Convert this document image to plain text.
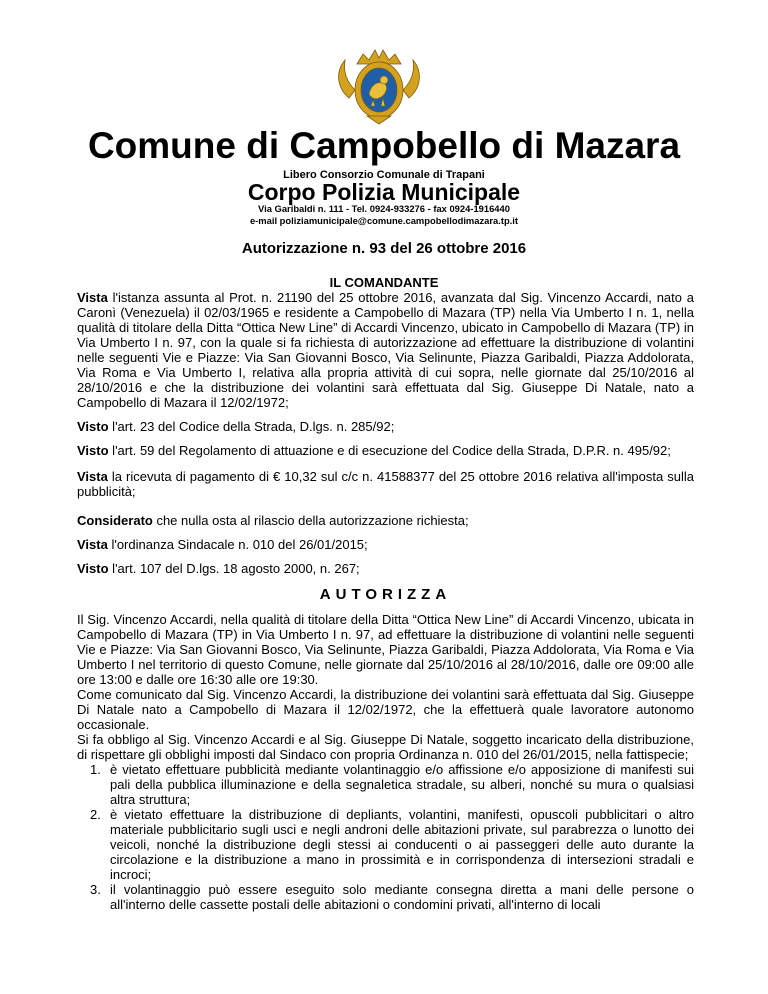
Comune di Campobello di Mazara
Libero Consorzio Comunale di Trapani
Corpo Polizia Municipale
Via Garibaldi n. 111 - Tel. 0924-933276 - fax 0924-1916440
e-mail poliziamunicipale@comune.campobellodimazara.tp.it
Autorizzazione n. 93 del 26 ottobre 2016
IL COMANDANTE

Vista l'istanza assunta al Prot. n. 21190 del 25 ottobre 2016, avanzata dal Sig. Vincenzo Accardi, nato a Caronì (Venezuela) il 02/03/1965 e residente a Campobello di Mazara (TP) nella Via Umberto I n. 1, nella qualità di titolare della Ditta “Ottica New Line” di Accardi Vincenzo, ubicato in Campobello di Mazara (TP) in Via Umberto I n. 97, con la quale si fa richiesta di autorizzazione ad effettuare la distribuzione di volantini nelle seguenti Vie e Piazze: Via San Giovanni Bosco, Via Selinunte, Piazza Garibaldi, Piazza Addolorata, Via Roma e Via Umberto I, relativa alla propria attività di cui sopra, nelle giornate dal 25/10/2016 al 28/10/2016 e che la distribuzione dei volantini sarà effettuata dal Sig. Giuseppe Di Natale, nato a Campobello di Mazara il 12/02/1972;

Visto l'art. 23 del Codice della Strada, D.lgs. n. 285/92;

Visto l'art. 59 del Regolamento di attuazione e di esecuzione del Codice della Strada, D.P.R. n. 495/92;

Vista la ricevuta di pagamento di € 10,32 sul c/c n. 41588377 del 25 ottobre 2016 relativa all'imposta sulla pubblicità;

Considerato che nulla osta al rilascio della autorizzazione richiesta;

Vista l'ordinanza Sindacale n. 010 del 26/01/2015;

Visto l'art. 107 del D.lgs. 18 agosto 2000, n. 267;

AUTORIZZA

Il Sig. Vincenzo Accardi, nella qualità di titolare della Ditta “Ottica New Line” di Accardi Vincenzo, ubicata in Campobello di Mazara (TP) in Via Umberto I n. 97, ad effettuare la distribuzione di volantini nelle seguenti Vie e Piazze: Via San Giovanni Bosco, Via Selinunte, Piazza Garibaldi, Piazza Addolorata, Via Roma e Via Umberto I nel territorio di questo Comune, nelle giornate dal 25/10/2016 al 28/10/2016, dalle ore 09:00 alle ore 13:00 e dalle ore 16:30 alle ore 19:30.

Come comunicato dal Sig. Vincenzo Accardi, la distribuzione dei volantini sarà effettuata dal Sig. Giuseppe Di Natale nato a Campobello di Mazara il 12/02/1972, che la effettuerà quale lavoratore autonomo occasionale.

Si fa obbligo al Sig. Vincenzo Accardi e al Sig. Giuseppe Di Natale, soggetto incaricato della distribuzione, di rispettare gli obblighi imposti dal Sindaco con propria Ordinanza n. 010 del 26/01/2015, nella fattispecie;

1. è vietato effettuare pubblicità mediante volantinaggio e/o affissione e/o apposizione di manifesti sui pali della pubblica illuminazione e della segnaletica stradale, su alberi, nonché su mura o qualsiasi altra struttura;
2. è vietato effettuare la distribuzione di depliants, volantini, manifesti, opuscoli pubblicitari o altro materiale pubblicitario sugli usci e negli androni delle abitazioni private, sul parabrezza o lunotto dei veicoli, nonché la distribuzione degli stessi ai conducenti o ai passeggeri delle auto durante la circolazione e la distribuzione a mano in prossimità e in corrispondenza di intersezioni stradali e incroci;
3. il volantinaggio può essere eseguito solo mediante consegna diretta a mani delle persone o all'interno delle cassette postali delle abitazioni o condomini privati, all'interno di locali
